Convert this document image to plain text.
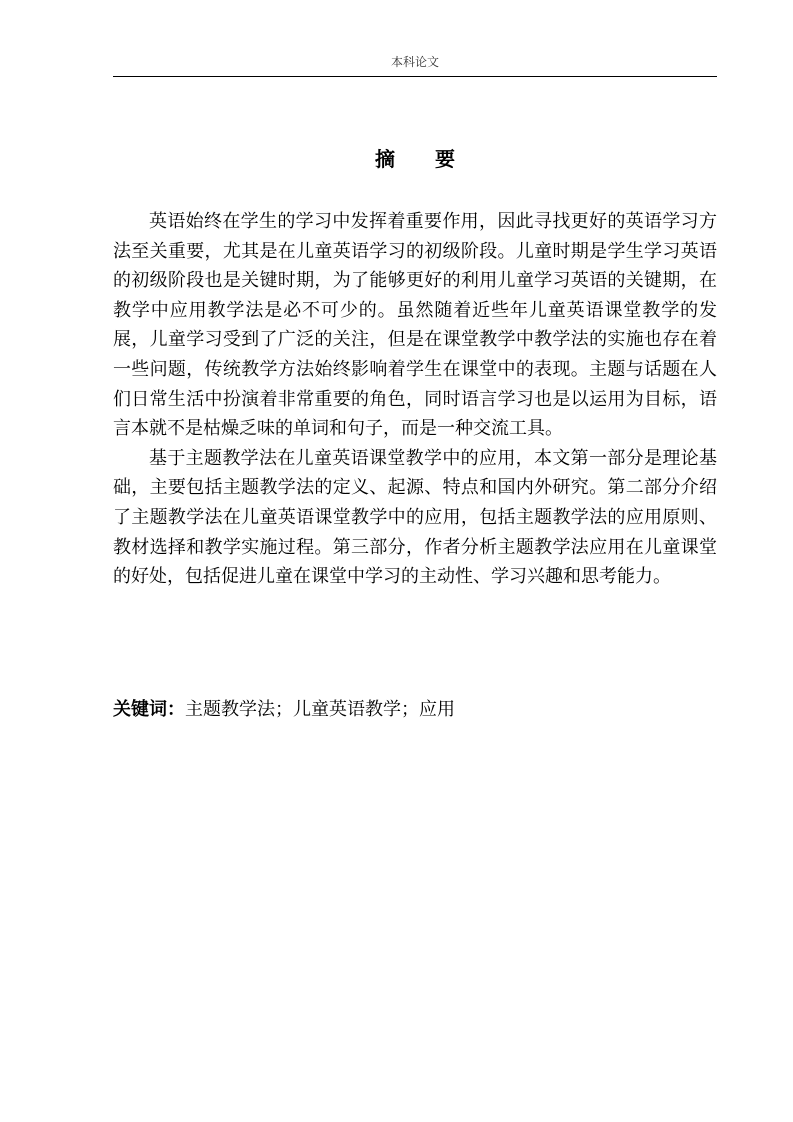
本科论文
摘 要

英语始终在学生的学习中发挥着重要作用，因此寻找更好的英语学习方法至关重要，尤其是在儿童英语学习的初级阶段。儿童时期是学生学习英语的初级阶段也是关键时期，为了能够更好的利用儿童学习英语的关键期，在教学中应用教学法是必不可少的。虽然随着近些年儿童英语课堂教学的发展，儿童学习受到了广泛的关注，但是在课堂教学中教学法的实施也存在着一些问题，传统教学方法始终影响着学生在课堂中的表现。主题与话题在人们日常生活中扮演着非常重要的角色，同时语言学习也是以运用为目标，语言本就不是枯燥乏味的单词和句子，而是一种交流工具。

基于主题教学法在儿童英语课堂教学中的应用，本文第一部分是理论基础，主要包括主题教学法的定义、起源、特点和国内外研究。第二部分介绍了主题教学法在儿童英语课堂教学中的应用，包括主题教学法的应用原则、教材选择和教学实施过程。第三部分，作者分析主题教学法应用在儿童课堂的好处，包括促进儿童在课堂中学习的主动性、学习兴趣和思考能力。

关键词：主题教学法；儿童英语教学；应用
